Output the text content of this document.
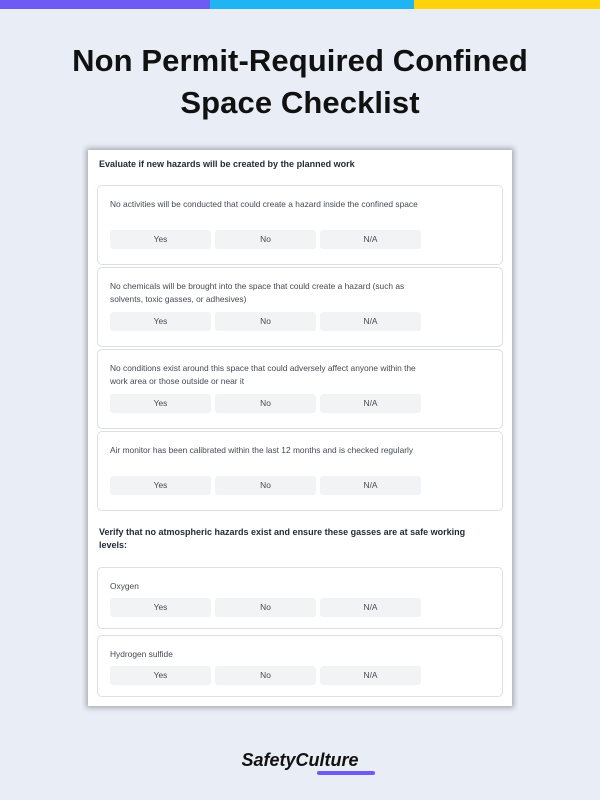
Non Permit-Required Confined
Space Checklist
Evaluate if new hazards will be created by the planned work
No activities will be conducted that could create a hazard inside the confined space
Yes	No	N/A
No chemicals will be brought into the space that could create a hazard (such as solvents, toxic gasses, or adhesives)
Yes	No	N/A
No conditions exist around this space that could adversely affect anyone within the work area or those outside or near it
Yes	No	N/A
Air monitor has been calibrated within the last 12 months and is checked regularly
Yes	No	N/A
Verify that no atmospheric hazards exist and ensure these gasses are at safe working levels:
Oxygen
Yes	No	N/A
Hydrogen sulfide
Yes	No	N/A
SafetyCulture
